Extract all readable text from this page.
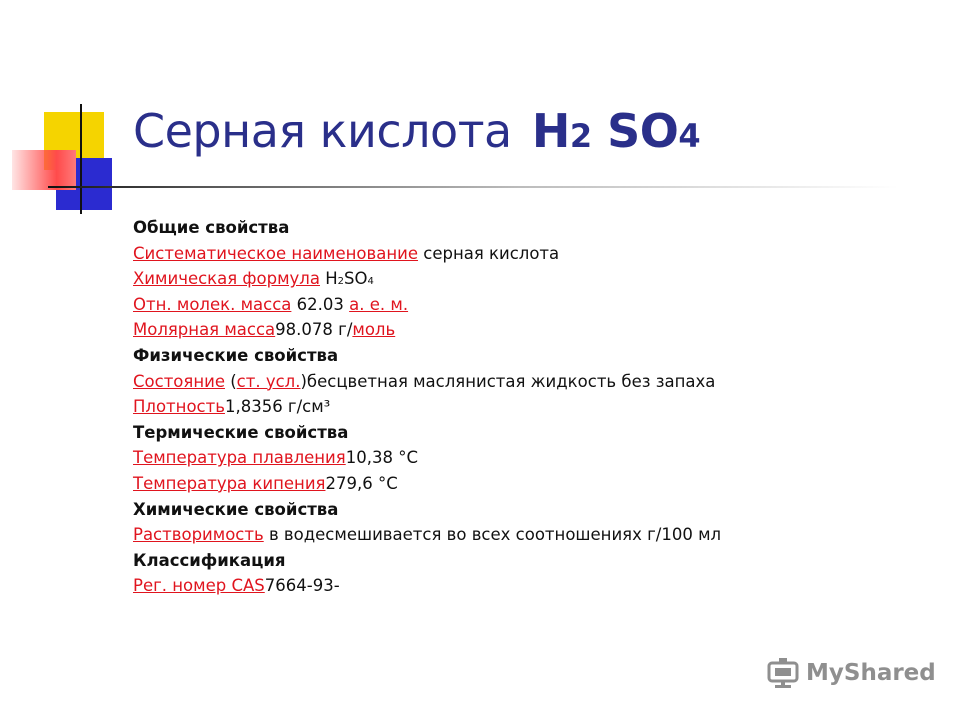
Серная кислота H2 SO4
Общие свойства
Систематическое наименование серная кислота
Химическая формула H2SO4
Отн. молек. масса 62.03 а. е. м.
Молярная масса98.078 г/моль
Физические свойства
Состояние (ст. усл.)бесцветная маслянистая жидкость без запаха
Плотность1,8356 г/см³
Термические свойства
Температура плавления10,38 °C
Температура кипения279,6 °C
Химические свойства
Растворимость в водесмешивается во всех соотношениях г/100 мл
Классификация
Рег. номер CAS7664-93-
MyShared
